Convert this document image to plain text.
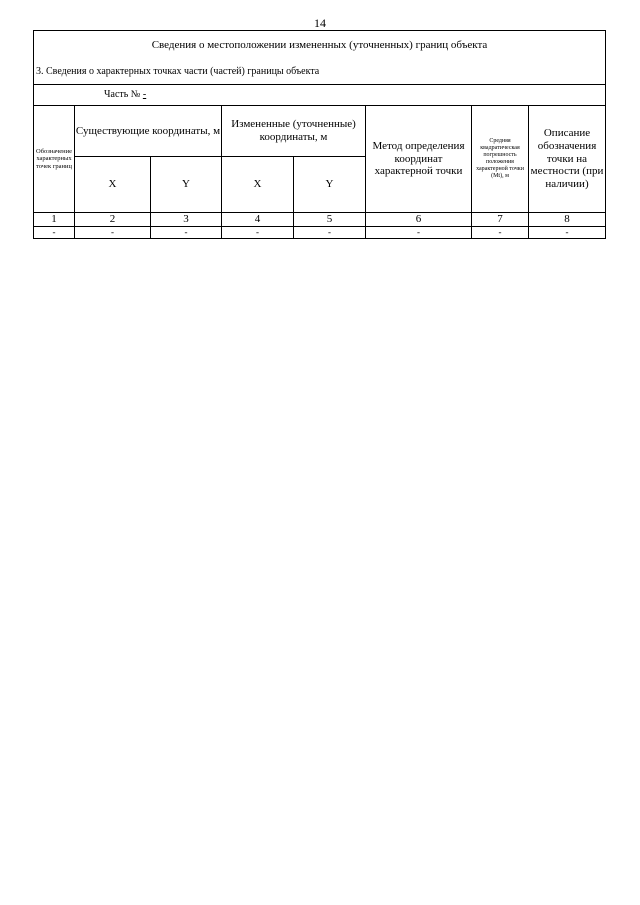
14
Сведения о местоположении измененных (уточненных) границ объекта							
3. Сведения о характерных точках части (частей) границы объекта							
Часть № -							
Обозначение характерных точек границ	Существующие координаты, м		Измененные (уточненные) координаты, м		Метод определения координат характерной точки	Средняя квадратическая погрешность положения характерной точки (Mt), м	Описание обозначения точки на местности (при наличии)
	X	Y	X	Y			
1	2	3	4	5	6	7	8
-	-	-	-	-	-	-	-
